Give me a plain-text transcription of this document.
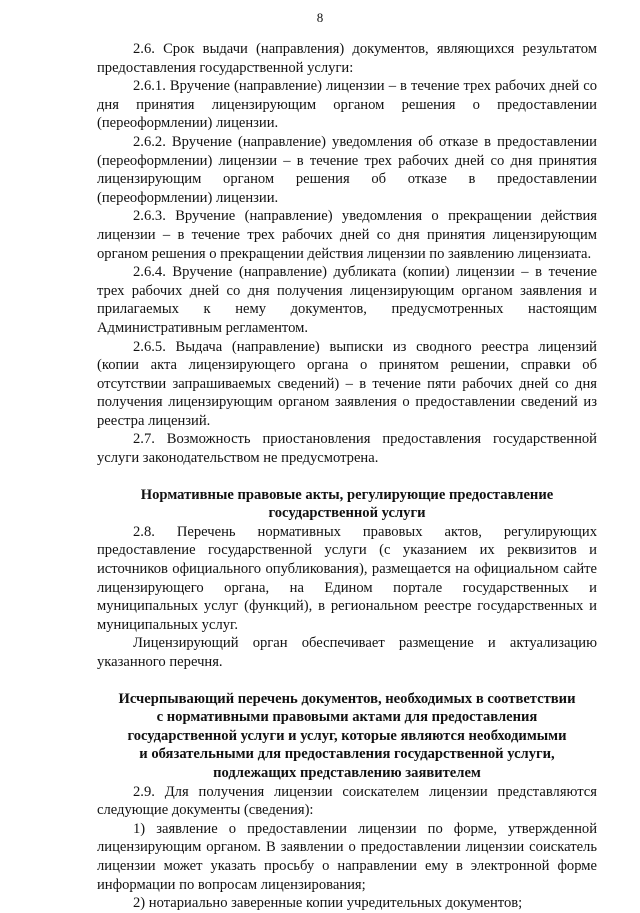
8

2.6. Срок выдачи (направления) документов, являющихся результатом предоставления государственной услуги:

2.6.1. Вручение (направление) лицензии – в течение трех рабочих дней со дня принятия лицензирующим органом решения о предоставлении (переоформлении) лицензии.

2.6.2. Вручение (направление) уведомления об отказе в предоставлении (переоформлении) лицензии – в течение трех рабочих дней со дня принятия лицензирующим органом решения об отказе в предоставлении (переоформлении) лицензии.

2.6.3. Вручение (направление) уведомления о прекращении действия лицензии – в течение трех рабочих дней со дня принятия лицензирующим органом решения о прекращении действия лицензии по заявлению лицензиата.

2.6.4. Вручение (направление) дубликата (копии) лицензии – в течение трех рабочих дней со дня получения лицензирующим органом заявления и прилагаемых к нему документов, предусмотренных настоящим Административным регламентом.

2.6.5. Выдача (направление) выписки из сводного реестра лицензий (копии акта лицензирующего органа о принятом решении, справки об отсутствии запрашиваемых сведений) – в течение пяти рабочих дней со дня получения лицензирующим органом заявления о предоставлении сведений из реестра лицензий.

2.7. Возможность приостановления предоставления государственной услуги законодательством не предусмотрена.

Нормативные правовые акты, регулирующие предоставление
государственной услуги

2.8. Перечень нормативных правовых актов, регулирующих предоставление государственной услуги (с указанием их реквизитов и источников официального опубликования), размещается на официальном сайте лицензирующего органа, на Едином портале государственных и муниципальных услуг (функций), в региональном реестре государственных и муниципальных услуг.

Лицензирующий орган обеспечивает размещение и актуализацию указанного перечня.

Исчерпывающий перечень документов, необходимых в соответствии
с нормативными правовыми актами для предоставления
государственной услуги и услуг, которые являются необходимыми
и обязательными для предоставления государственной услуги,
подлежащих представлению заявителем

2.9. Для получения лицензии соискателем лицензии представляются следующие документы (сведения):

1) заявление о предоставлении лицензии по форме, утвержденной лицензирующим органом. В заявлении о предоставлении лицензии соискатель лицензии может указать просьбу о направлении ему в электронной форме информации по вопросам лицензирования;

2) нотариально заверенные копии учредительных документов;
